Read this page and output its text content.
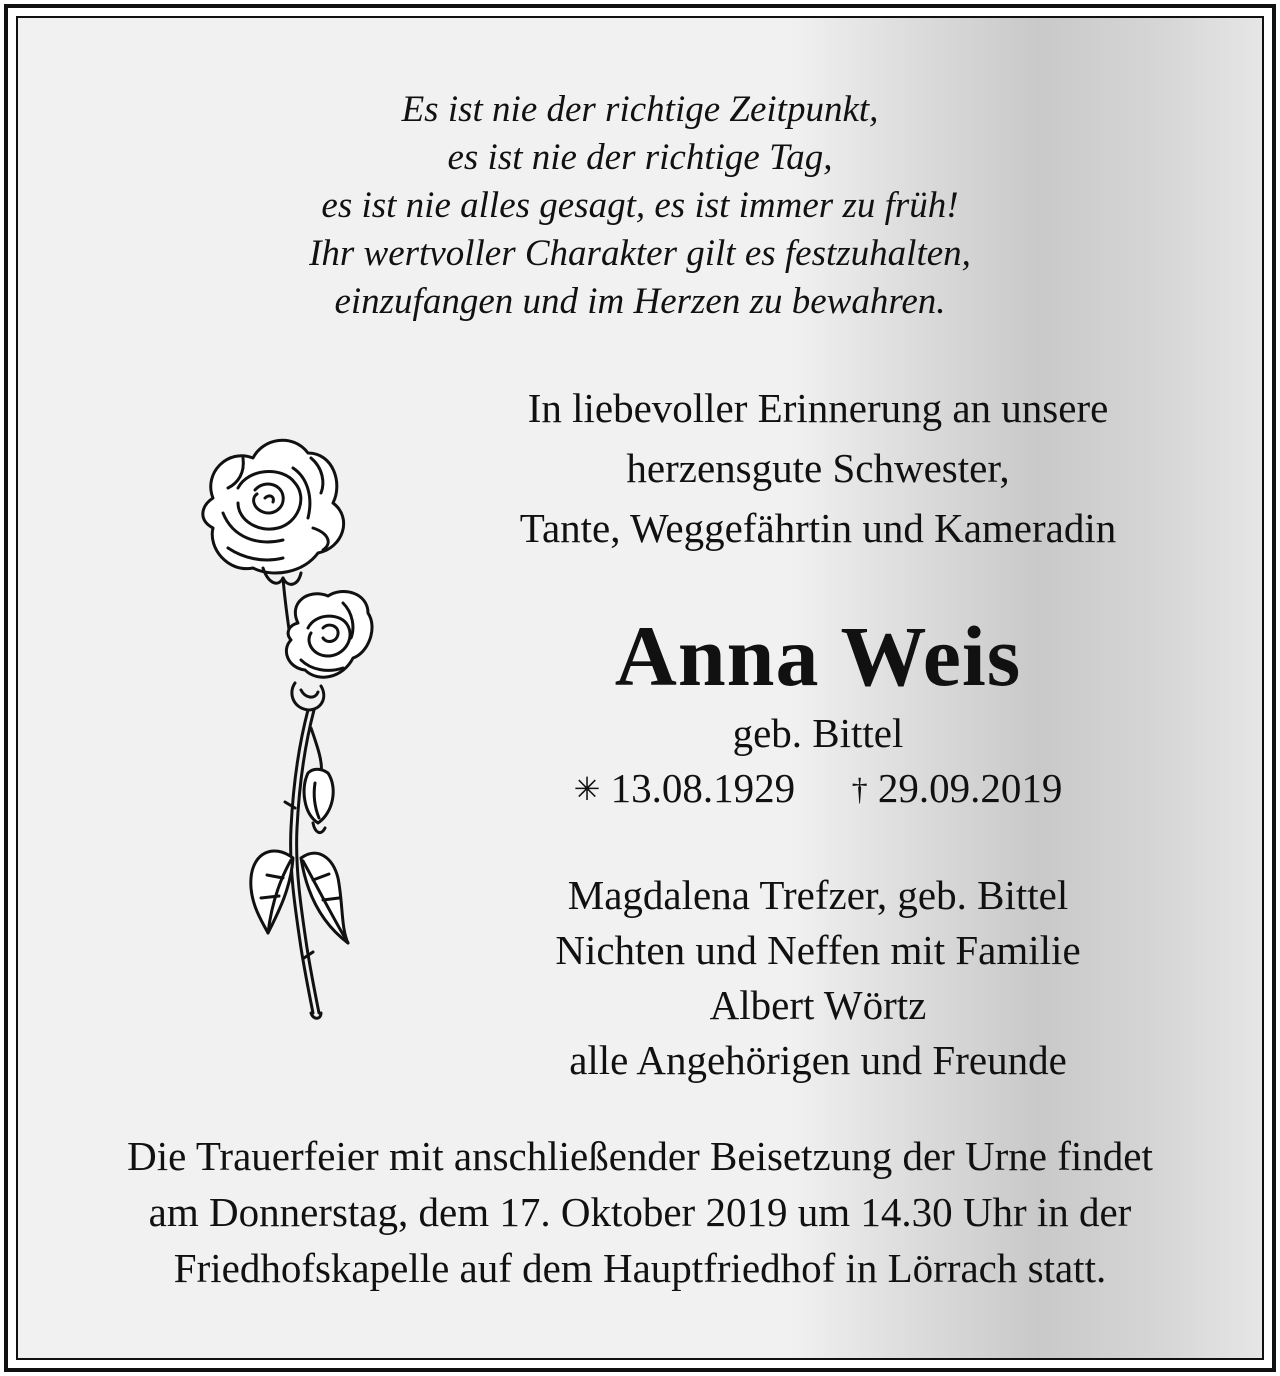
Es ist nie der richtige Zeitpunkt,
es ist nie der richtige Tag,
es ist nie alles gesagt, es ist immer zu früh!
Ihr wertvoller Charakter gilt es festzuhalten,
einzufangen und im Herzen zu bewahren.
In liebevoller Erinnerung an unsere
herzensgute Schwester,
Tante, Weggefährtin und Kameradin
Anna Weis
geb. Bittel
✳ 13.08.1929 † 29.09.2019
Magdalena Trefzer, geb. Bittel
Nichten und Neffen mit Familie
Albert Wörtz
alle Angehörigen und Freunde
Die Trauerfeier mit anschließender Beisetzung der Urne findet
am Donnerstag, dem 17. Oktober 2019 um 14.30 Uhr in der
Friedhofskapelle auf dem Hauptfriedhof in Lörrach statt.
